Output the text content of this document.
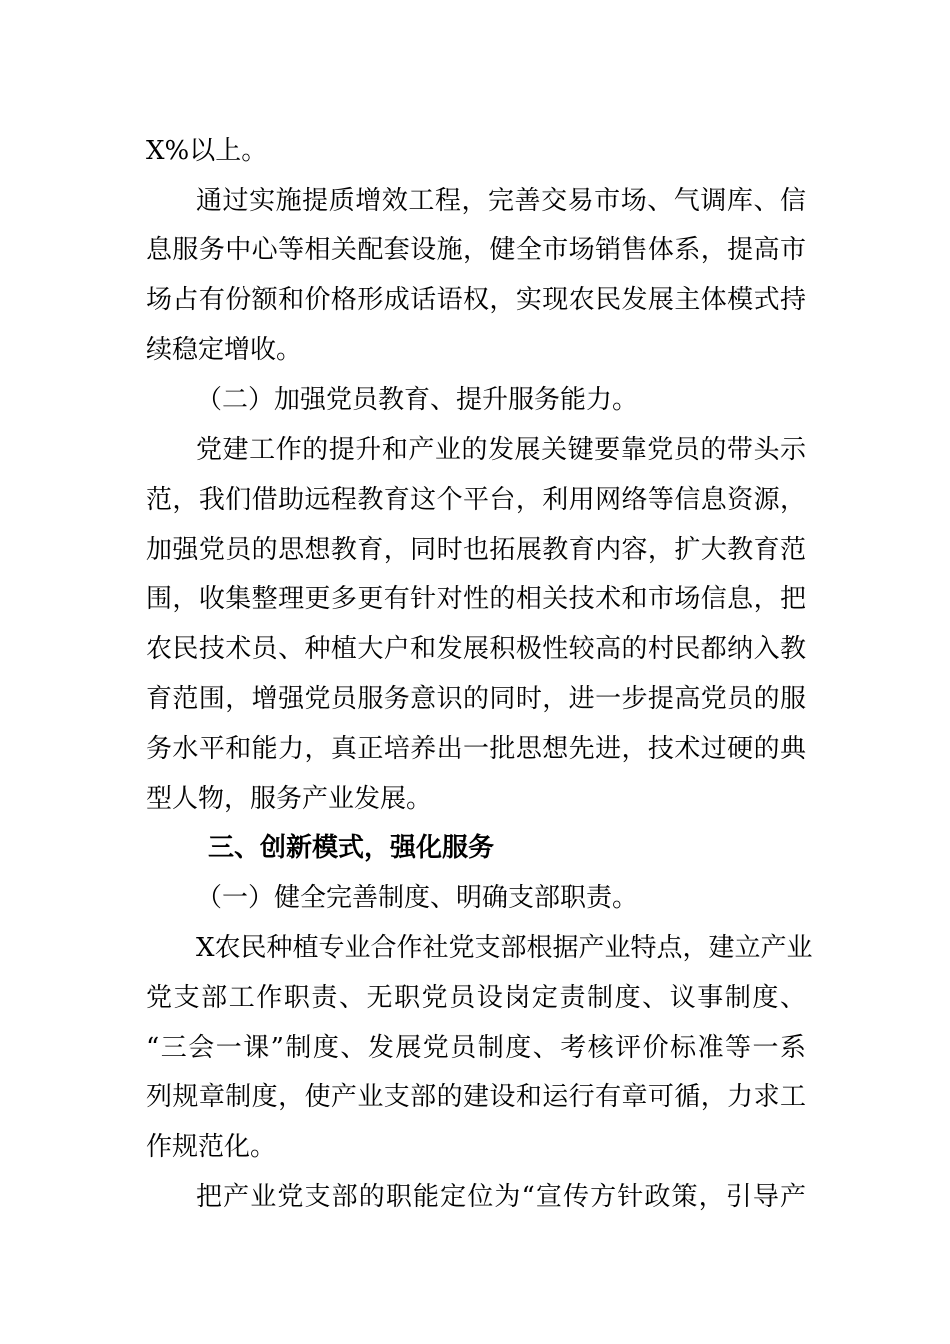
X%以上。
通过实施提质增效工程，完善交易市场、气调库、信
息服务中心等相关配套设施，健全市场销售体系，提高市
场占有份额和价格形成话语权，实现农民发展主体模式持
续稳定增收。
（二）加强党员教育、提升服务能力。
党建工作的提升和产业的发展关键要靠党员的带头示
范，我们借助远程教育这个平台，利用网络等信息资源，
加强党员的思想教育，同时也拓展教育内容，扩大教育范
围，收集整理更多更有针对性的相关技术和市场信息，把
农民技术员、种植大户和发展积极性较高的村民都纳入教
育范围，增强党员服务意识的同时，进一步提高党员的服
务水平和能力，真正培养出一批思想先进，技术过硬的典
型人物，服务产业发展。
三、创新模式，强化服务
（一）健全完善制度、明确支部职责。
X农民种植专业合作社党支部根据产业特点，建立产业
党支部工作职责、无职党员设岗定责制度、议事制度、
“三会一课”制度、发展党员制度、考核评价标准等一系
列规章制度，使产业支部的建设和运行有章可循，力求工
作规范化。
把产业党支部的职能定位为“宣传方针政策，引导产
